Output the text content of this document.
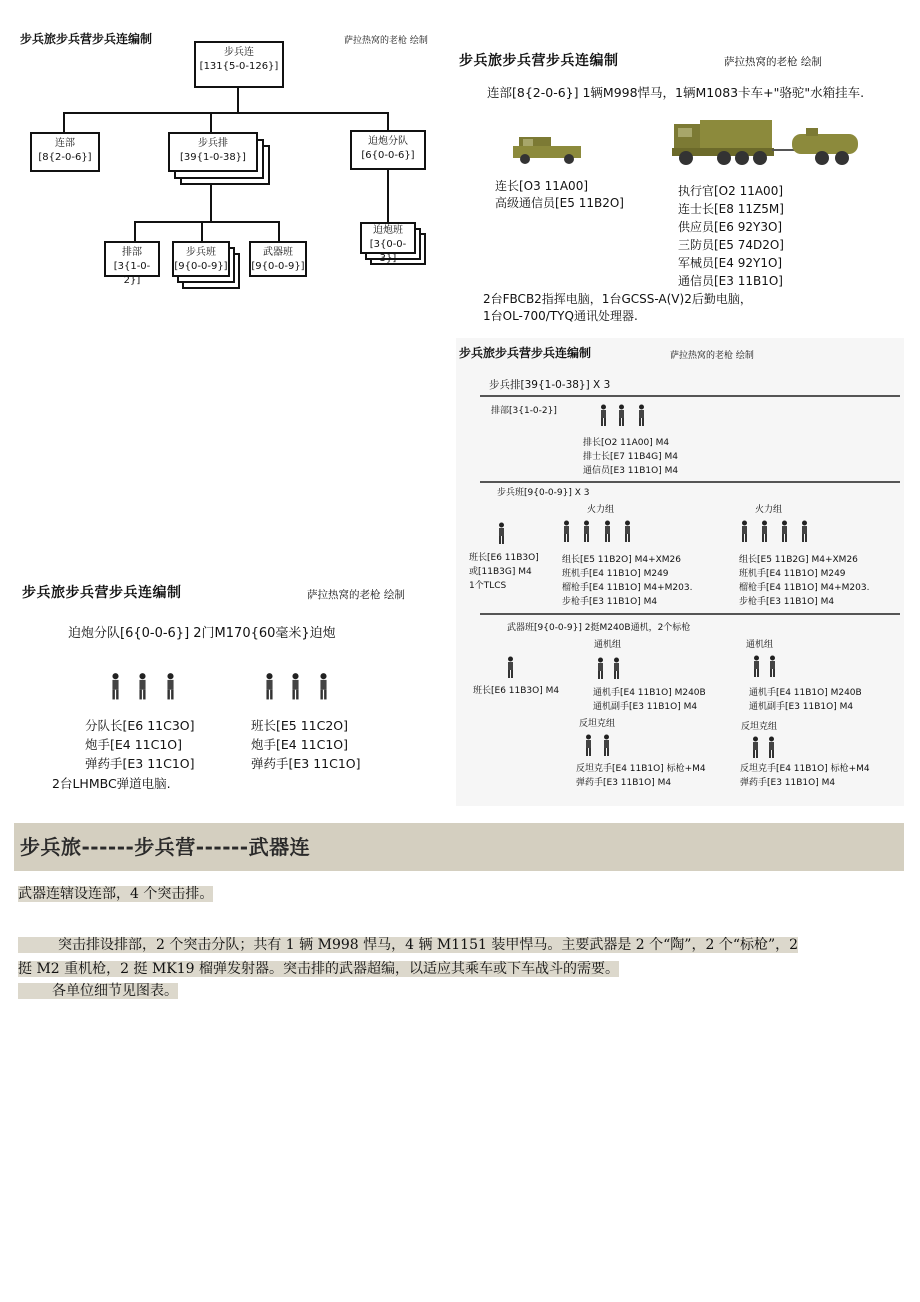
步兵旅步兵营步兵连编制	萨拉热窝的老枪 绘制
步兵连
[131{5-0-126}]
连部
[8{2-0-6}]
步兵排
[39{1-0-38}]
迫炮分队
[6{0-0-6}]
排部
[3{1-0-2}]
步兵班
[9{0-0-9}]
武器班
[9{0-0-9}]
迫炮班
[3{0-0-3}]
步兵旅步兵营步兵连编制	萨拉热窝的老枪 绘制
连部[8{2-0-6}] 1辆M998悍马，1辆M1083卡车+"骆驼"水箱挂车.
连长[O3 11A00]
高级通信员[E5 11B2O]
执行官[O2 11A00]
连士长[E8 11Z5M]
供应员[E6 92Y3O]
三防员[E5 74D2O]
军械员[E4 92Y1O]
通信员[E3 11B1O]
2台FBCB2指挥电脑，1台GCSS-A(V)2后勤电脑，
1台OL-700/TYQ通讯处理器.
步兵旅步兵营步兵连编制	萨拉热窝的老枪 绘制
步兵排[39{1-0-38}] X 3
排部[3{1-0-2}]
排长[O2 11A00] M4
排士长[E7 11B4G] M4
通信员[E3 11B1O] M4
步兵班[9{0-0-9}] X 3
火力组	火力组
班长[E6 11B3O]
或[11B3G] M4
1个TLCS
组长[E5 11B2O] M4+XM26
班机手[E4 11B1O] M249
榴枪手[E4 11B1O] M4+M203.
步枪手[E3 11B1O] M4
组长[E5 11B2G] M4+XM26
班机手[E4 11B1O] M249
榴枪手[E4 11B1O] M4+M203.
步枪手[E3 11B1O] M4
武器班[9{0-0-9}] 2挺M240B通机，2个标枪
通机组	通机组
班长[E6 11B3O] M4	通机手[E4 11B1O] M240B
通机副手[E3 11B1O] M4
通机手[E4 11B1O] M240B
通机副手[E3 11B1O] M4
反坦克组	反坦克组
反坦克手[E4 11B1O] 标枪+M4
弹药手[E3 11B1O] M4
反坦克手[E4 11B1O] 标枪+M4
弹药手[E3 11B1O] M4
步兵旅步兵营步兵连编制	萨拉热窝的老枪 绘制
迫炮分队[6{0-0-6}] 2门M170{60毫米}迫炮
分队长[E6 11C3O]
炮手[E4 11C1O]
弹药手[E3 11C1O]
班长[E5 11C2O]
炮手[E4 11C1O]
弹药手[E3 11C1O]
2台LHMBC弹道电脑.
步兵旅------步兵营------武器连
武器连辖设连部，4 个突击排。
突击排设排部，2 个突击分队；共有 1 辆 M998 悍马，4 辆 M1151 装甲悍马。主要武器是 2 个“陶”，2 个“标枪”，2
挺 M2 重机枪，2 挺 MK19 榴弹发射器。突击排的武器超编，以适应其乘车或下车战斗的需要。
各单位细节见图表。
